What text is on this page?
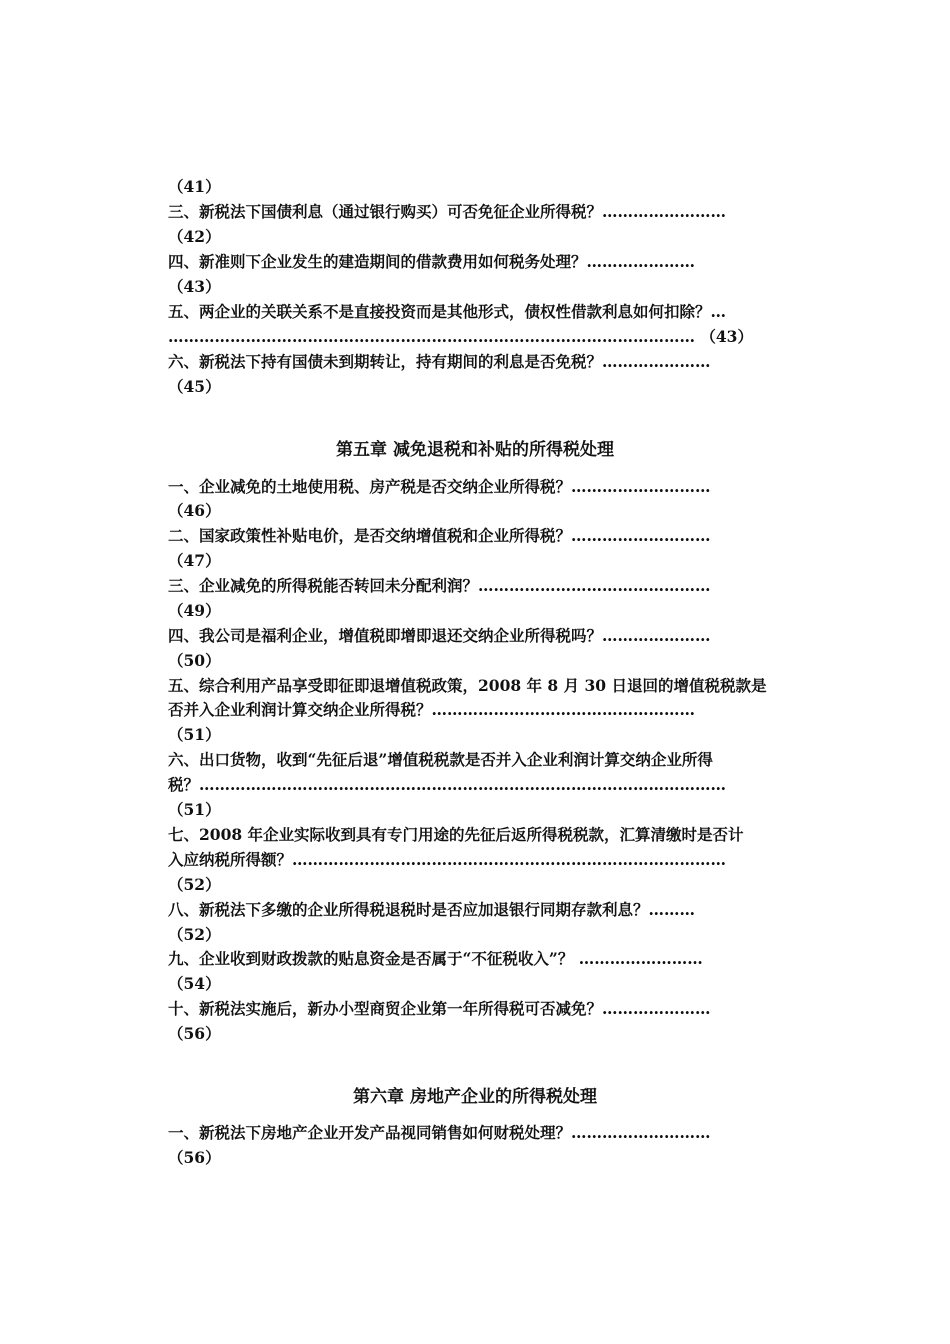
（41）
三、新税法下国债利息（通过银行购买）可否免征企业所得税？……………………
（42）
四、新准则下企业发生的建造期间的借款费用如何税务处理？…………………
（43）
五、两企业的关联关系不是直接投资而是其他形式，债权性借款利息如何扣除？…
………………………………………………………………………………………… （43）
六、新税法下持有国债未到期转让，持有期间的利息是否免税？…………………
（45）
第五章 减免退税和补贴的所得税处理
一、企业减免的土地使用税、房产税是否交纳企业所得税？………………………
（46）
二、国家政策性补贴电价，是否交纳增值税和企业所得税？………………………
（47）
三、企业减免的所得税能否转回未分配利润？………………………………………
（49）
四、我公司是福利企业，增值税即增即退还交纳企业所得税吗？…………………
（50）
五、综合利用产品享受即征即退增值税政策，2008 年 8 月 30 日退回的增值税税款是
否并入企业利润计算交纳企业所得税？……………………………………………
（51）
六、出口货物，收到“先征后退”增值税税款是否并入企业利润计算交纳企业所得
税？…………………………………………………………………………………………
（51）
七、2008 年企业实际收到具有专门用途的先征后返所得税税款，汇算清缴时是否计
入应纳税所得额？…………………………………………………………………………
（52）
八、新税法下多缴的企业所得税退税时是否应加退银行同期存款利息？………
（52）
九、企业收到财政拨款的贴息资金是否属于“不征税收入”？ ……………………
（54）
十、新税法实施后，新办小型商贸企业第一年所得税可否减免？…………………
（56）
第六章 房地产企业的所得税处理
一、新税法下房地产企业开发产品视同销售如何财税处理？………………………
（56）
